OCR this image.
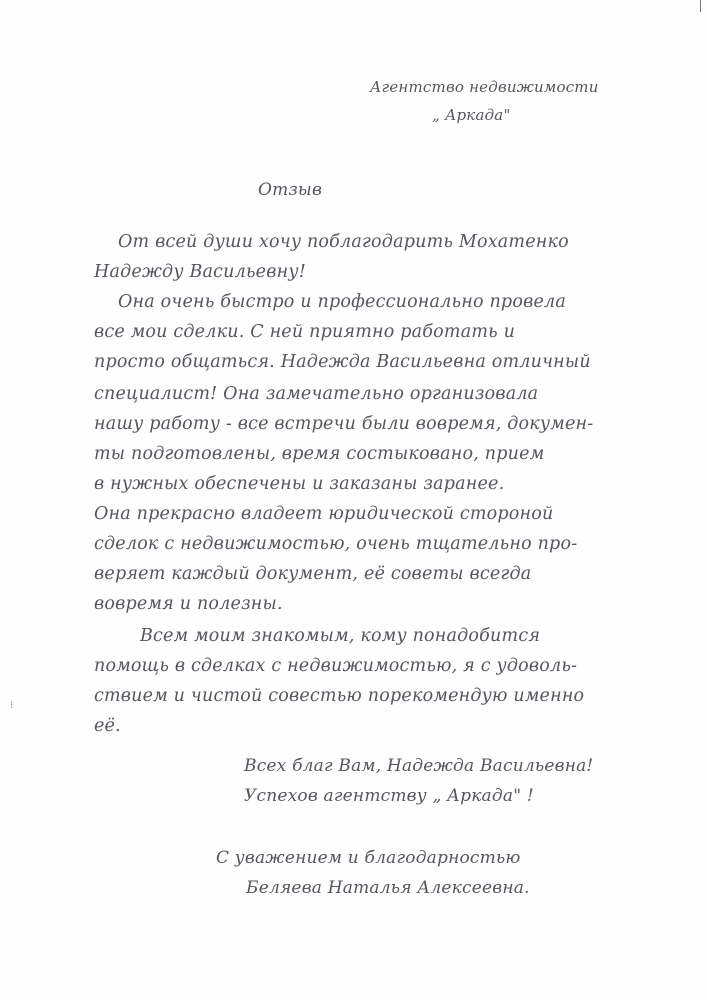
Агентство недвижимости
„ Аркада"
Отзыв
От всей души хочу поблагодарить Мохатенко
Надежду Васильевну!
Она очень быстро и профессионально провела
все мои сделки. С ней приятно работать и
просто общаться. Надежда Васильевна отличный
специалист! Она замечательно организовала
нашу работу - все встречи были вовремя, докумен-
ты подготовлены, время состыковано, прием
в нужных обеспечены и заказаны заранее.
Она прекрасно владеет юридической стороной
сделок с недвижимостью, очень тщательно про-
веряет каждый документ, её советы всегда
вовремя и полезны.
Всем моим знакомым, кому понадобится
помощь в сделках с недвижимостью, я с удоволь-
ствием и чистой совестью порекомендую именно
её.
Всех благ Вам, Надежда Васильевна!
Успехов агентству „ Аркада" !
С уважением и благодарностью
Беляева Наталья Алексеевна.
⁝
